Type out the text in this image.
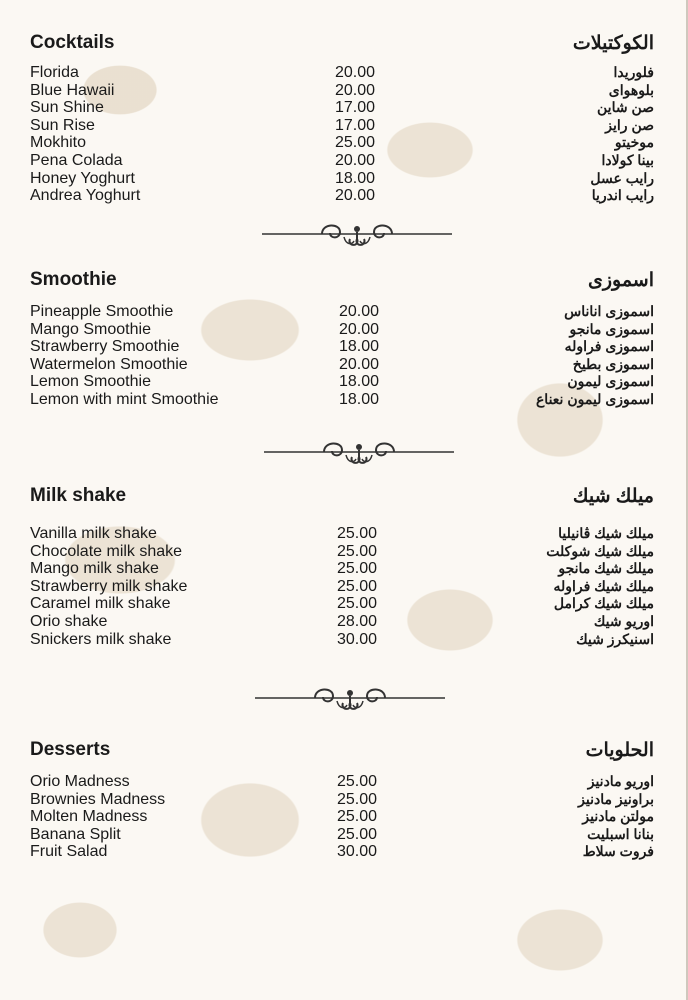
Cocktails	الكوكتيلات
Florida	20.00	فلوريدا
Blue Hawaii	20.00	بلوهواى
Sun Shine	17.00	صن شاين
Sun Rise	17.00	صن رايز
Mokhito	25.00	موخيتو
Pena Colada	20.00	بينا كولادا
Honey Yoghurt	18.00	رايب عسل
Andrea Yoghurt	20.00	رايب اندريا
Smoothie	اسموزى
Pineapple Smoothie	20.00	اسموزى اناناس
Mango Smoothie	20.00	اسموزى مانجو
Strawberry Smoothie	18.00	اسموزى فراوله
Watermelon Smoothie	20.00	اسموزى بطيخ
Lemon Smoothie	18.00	اسموزى ليمون
Lemon with mint Smoothie	18.00	اسموزى ليمون نعناع
Milk shake	ميلك شيك
Vanilla milk shake	25.00	ميلك شيك ڤانيليا
Chocolate milk shake	25.00	ميلك شيك شوكلت
Mango milk shake	25.00	ميلك شيك مانجو
Strawberry milk shake	25.00	ميلك شيك فراوله
Caramel milk shake	25.00	ميلك شيك كرامل
Orio shake	28.00	اوريو شيك
Snickers milk shake	30.00	اسنيكرز شيك
Desserts	الحلويات
Orio Madness	25.00	اوريو مادنيز
Brownies Madness	25.00	براونيز مادنيز
Molten Madness	25.00	مولتن مادنيز
Banana Split	25.00	بنانا اسبليت
Fruit Salad	30.00	فروت سلاط
